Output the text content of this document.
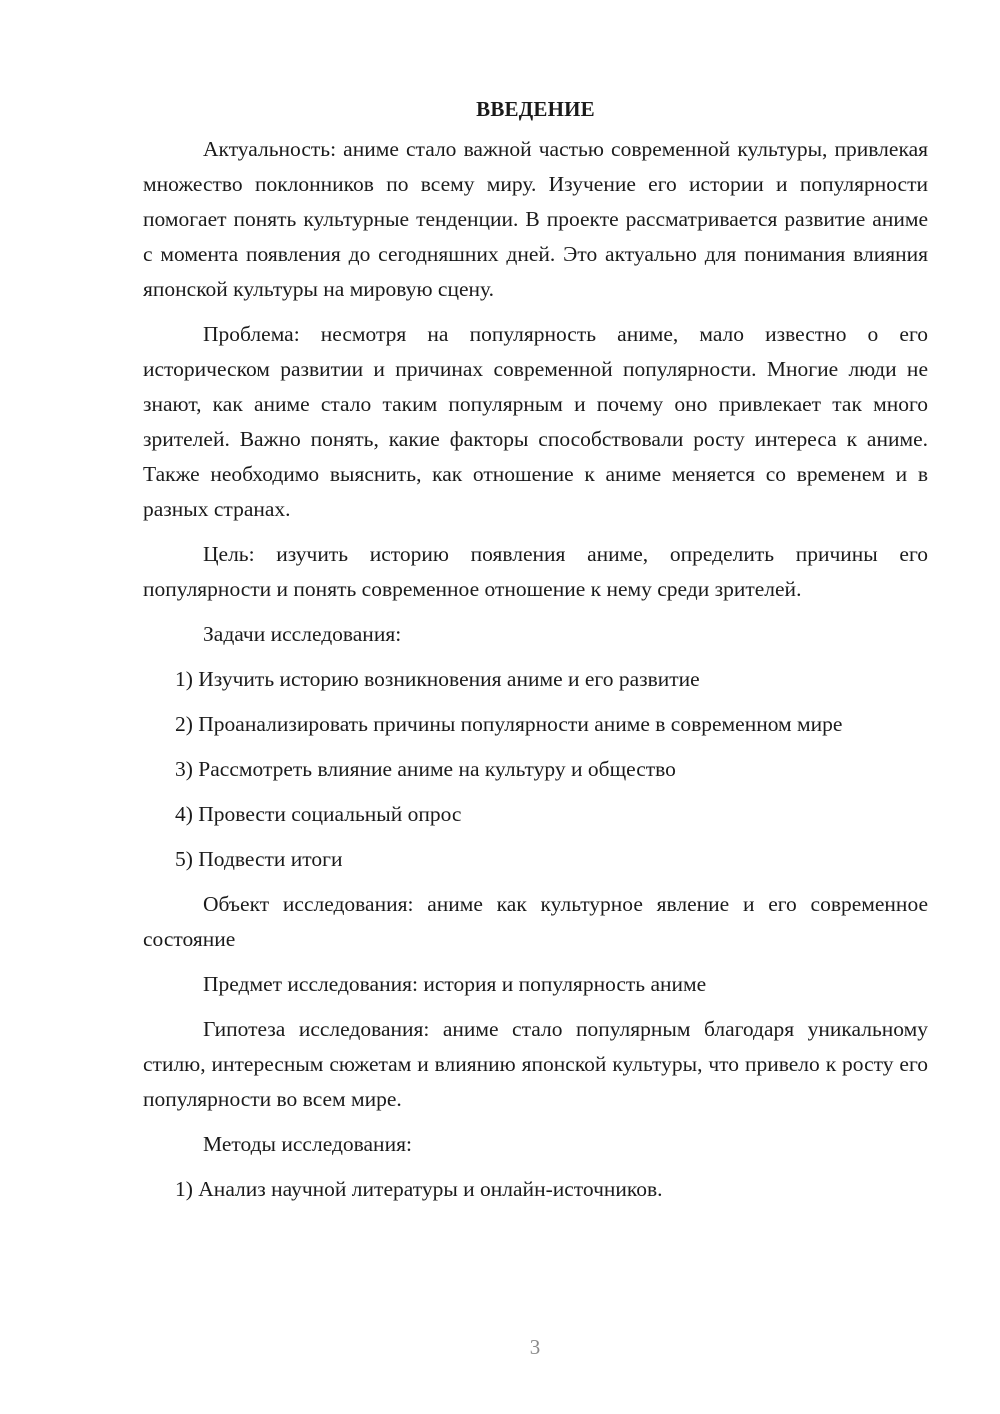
ВВЕДЕНИЕ
Актуальность: аниме стало важной частью современной культуры, привлекая множество поклонников по всему миру. Изучение его истории и популярности помогает понять культурные тенденции. В проекте рассматривается развитие аниме с момента появления до сегодняшних дней. Это актуально для понимания влияния японской культуры на мировую сцену.
Проблема: несмотря на популярность аниме, мало известно о его историческом развитии и причинах современной популярности. Многие люди не знают, как аниме стало таким популярным и почему оно привлекает так много зрителей. Важно понять, какие факторы способствовали росту интереса к аниме. Также необходимо выяснить, как отношение к аниме меняется со временем и в разных странах.
Цель: изучить историю появления аниме, определить причины его популярности и понять современное отношение к нему среди зрителей.
Задачи исследования:
1) Изучить историю возникновения аниме и его развитие
2) Проанализировать причины популярности аниме в современном мире
3) Рассмотреть влияние аниме на культуру и общество
4) Провести социальный опрос
5) Подвести итоги
Объект исследования: аниме как культурное явление и его современное состояние
Предмет исследования: история и популярность аниме
Гипотеза исследования: аниме стало популярным благодаря уникальному стилю, интересным сюжетам и влиянию японской культуры, что привело к росту его популярности во всем мире.
Методы исследования:
1) Анализ научной литературы и онлайн-источников.
3
